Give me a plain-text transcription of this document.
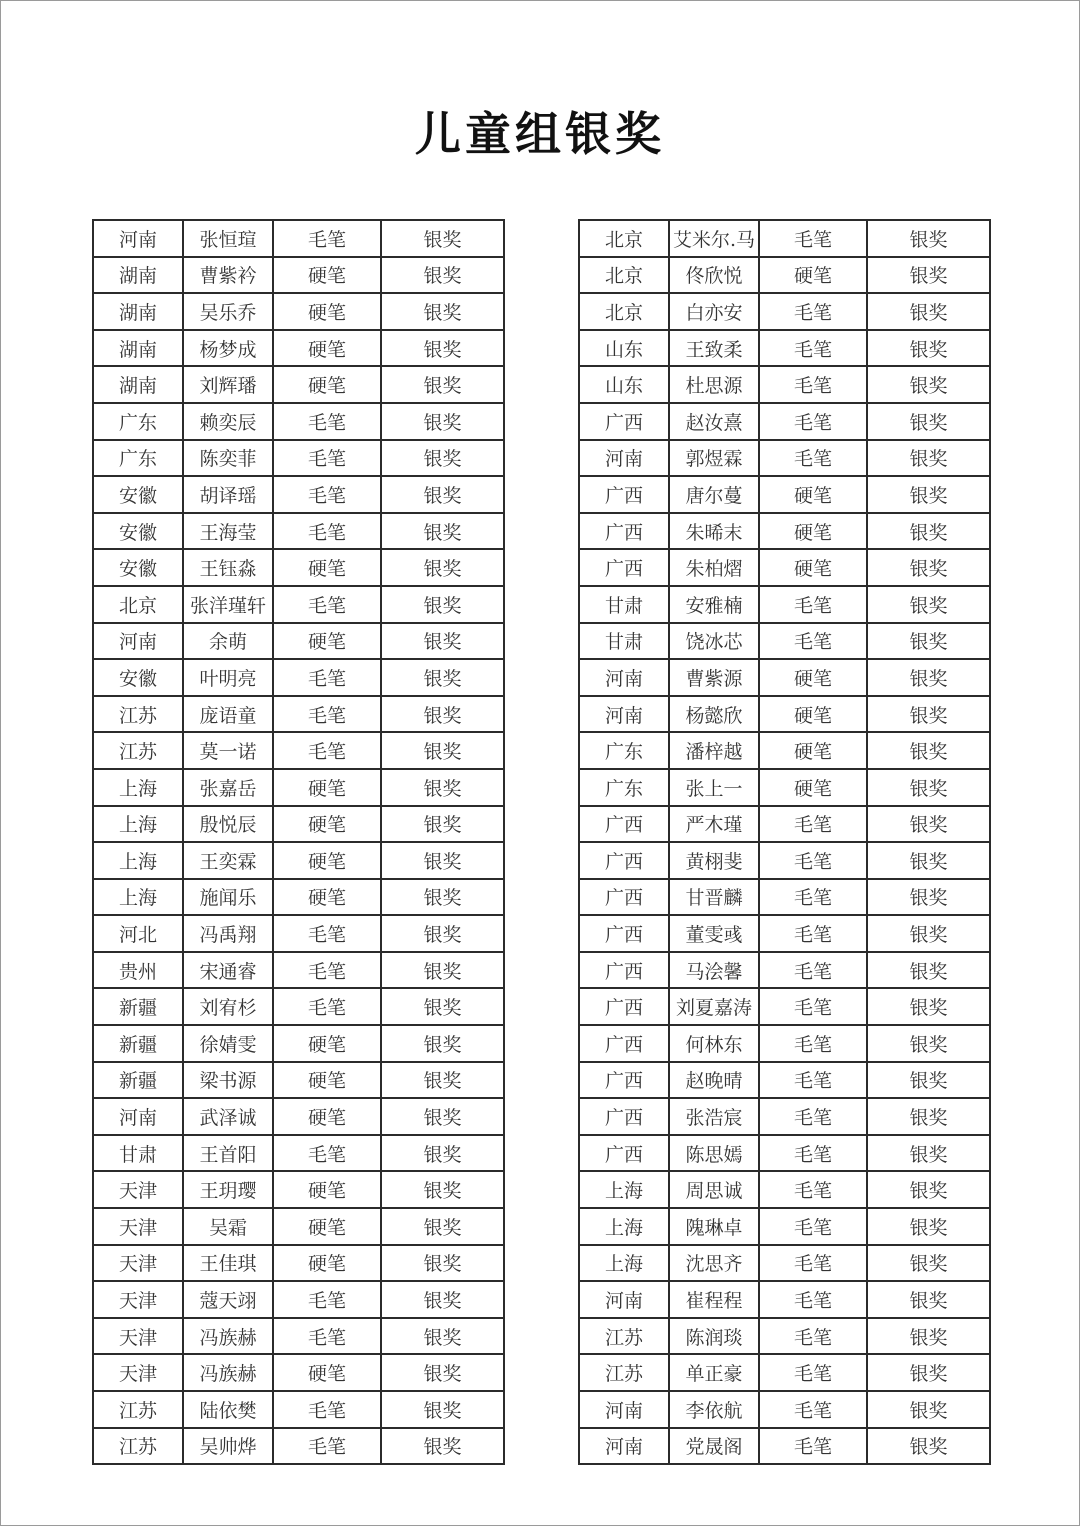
儿童组银奖
河南	张恒瑄	毛笔	银奖
湖南	曹紫衿	硬笔	银奖
湖南	吴乐乔	硬笔	银奖
湖南	杨梦成	硬笔	银奖
湖南	刘辉璠	硬笔	银奖
广东	赖奕辰	毛笔	银奖
广东	陈奕菲	毛笔	银奖
安徽	胡译瑶	毛笔	银奖
安徽	王海莹	毛笔	银奖
安徽	王钰淼	硬笔	银奖
北京	张洋瑾轩	毛笔	银奖
河南	余萌	硬笔	银奖
安徽	叶明亮	毛笔	银奖
江苏	庞语童	毛笔	银奖
江苏	莫一诺	毛笔	银奖
上海	张嘉岳	硬笔	银奖
上海	殷悦辰	硬笔	银奖
上海	王奕霖	硬笔	银奖
上海	施闻乐	硬笔	银奖
河北	冯禹翔	毛笔	银奖
贵州	宋通睿	毛笔	银奖
新疆	刘宥杉	毛笔	银奖
新疆	徐婧雯	硬笔	银奖
新疆	梁书源	硬笔	银奖
河南	武泽诚	硬笔	银奖
甘肃	王首阳	毛笔	银奖
天津	王玥璎	硬笔	银奖
天津	吴霜	硬笔	银奖
天津	王佳琪	硬笔	银奖
天津	蔻天翊	毛笔	银奖
天津	冯族赫	毛笔	银奖
天津	冯族赫	硬笔	银奖
江苏	陆依樊	毛笔	银奖
江苏	吴帅烨	毛笔	银奖
北京	艾米尔.马	毛笔	银奖
北京	佟欣悦	硬笔	银奖
北京	白亦安	毛笔	银奖
山东	王致柔	毛笔	银奖
山东	杜思源	毛笔	银奖
广西	赵汝熹	毛笔	银奖
河南	郭煜霖	毛笔	银奖
广西	唐尔蔓	硬笔	银奖
广西	朱晞末	硬笔	银奖
广西	朱柏熠	硬笔	银奖
甘肃	安雅楠	毛笔	银奖
甘肃	饶冰芯	毛笔	银奖
河南	曹紫源	硬笔	银奖
河南	杨懿欣	硬笔	银奖
广东	潘梓越	硬笔	银奖
广东	张上一	硬笔	银奖
广西	严木瑾	毛笔	银奖
广西	黄栩斐	毛笔	银奖
广西	甘晋麟	毛笔	银奖
广西	董雯彧	毛笔	银奖
广西	马浍馨	毛笔	银奖
广西	刘夏嘉涛	毛笔	银奖
广西	何林东	毛笔	银奖
广西	赵晚晴	毛笔	银奖
广西	张浩宸	毛笔	银奖
广西	陈思嫣	毛笔	银奖
上海	周思诚	毛笔	银奖
上海	隗琳卓	毛笔	银奖
上海	沈思齐	毛笔	银奖
河南	崔程程	毛笔	银奖
江苏	陈润琰	毛笔	银奖
江苏	单正豪	毛笔	银奖
河南	李依航	毛笔	银奖
河南	党晟阁	毛笔	银奖
